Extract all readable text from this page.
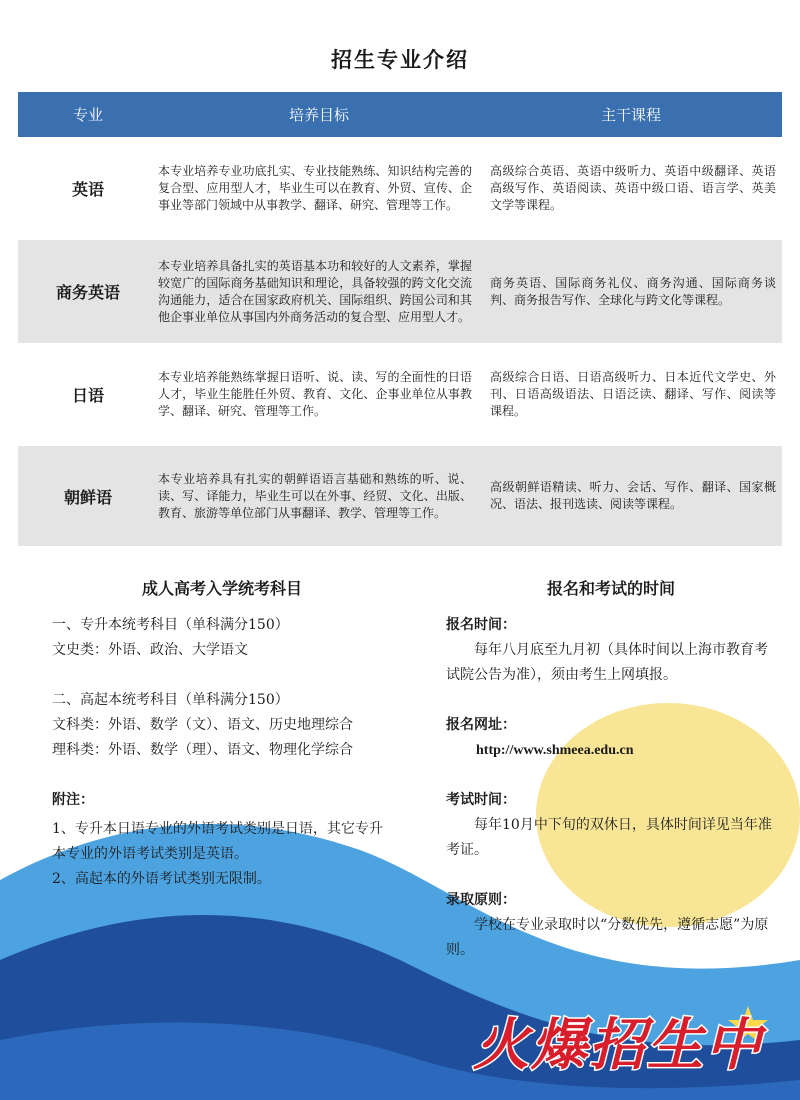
招生专业介绍
专业	培养目标	主干课程
英语
本专业培养专业功底扎实、专业技能熟练、知识结构完善的复合型、应用型人才，毕业生可以在教育、外贸、宣传、企事业等部门领域中从事教学、翻译、研究、管理等工作。
高级综合英语、英语中级听力、英语中级翻译、英语高级写作、英语阅读、英语中级口语、语言学、英美文学等课程。
商务英语
本专业培养具备扎实的英语基本功和较好的人文素养，掌握较宽广的国际商务基础知识和理论，具备较强的跨文化交流沟通能力，适合在国家政府机关、国际组织、跨国公司和其他企事业单位从事国内外商务活动的复合型、应用型人才。
商务英语、国际商务礼仪、商务沟通、国际商务谈判、商务报告写作、全球化与跨文化等课程。
日语
本专业培养能熟练掌握日语听、说、读、写的全面性的日语人才，毕业生能胜任外贸、教育、文化、企事业单位从事教学、翻译、研究、管理等工作。
高级综合日语、日语高级听力、日本近代文学史、外刊、日语高级语法、日语泛读、翻译、写作、阅读等课程。
朝鲜语
本专业培养具有扎实的朝鲜语语言基础和熟练的听、说、读、写、译能力，毕业生可以在外事、经贸、文化、出版、教育、旅游等单位部门从事翻译、教学、管理等工作。
高级朝鲜语精读、听力、会话、写作、翻译、国家概况、语法、报刊选读、阅读等课程。
成人高考入学统考科目
一、专升本统考科目（单科满分150）
文史类：外语、政治、大学语文
二、高起本统考科目（单科满分150）
文科类：外语、数学（文）、语文、历史地理综合
理科类：外语、数学（理）、语文、物理化学综合
附注：
1、专升本日语专业的外语考试类别是日语，其它专升本专业的外语考试类别是英语。
2、高起本的外语考试类别无限制。
报名和考试的时间
报名时间：
每年八月底至九月初（具体时间以上海市教育考试院公告为准），须由考生上网填报。
报名网址：
http://www.shmeea.edu.cn
考试时间：
每年10月中下旬的双休日，具体时间详见当年准考证。
录取原则：
学校在专业录取时以“分数优先，遵循志愿”为原则。
火爆招生中
